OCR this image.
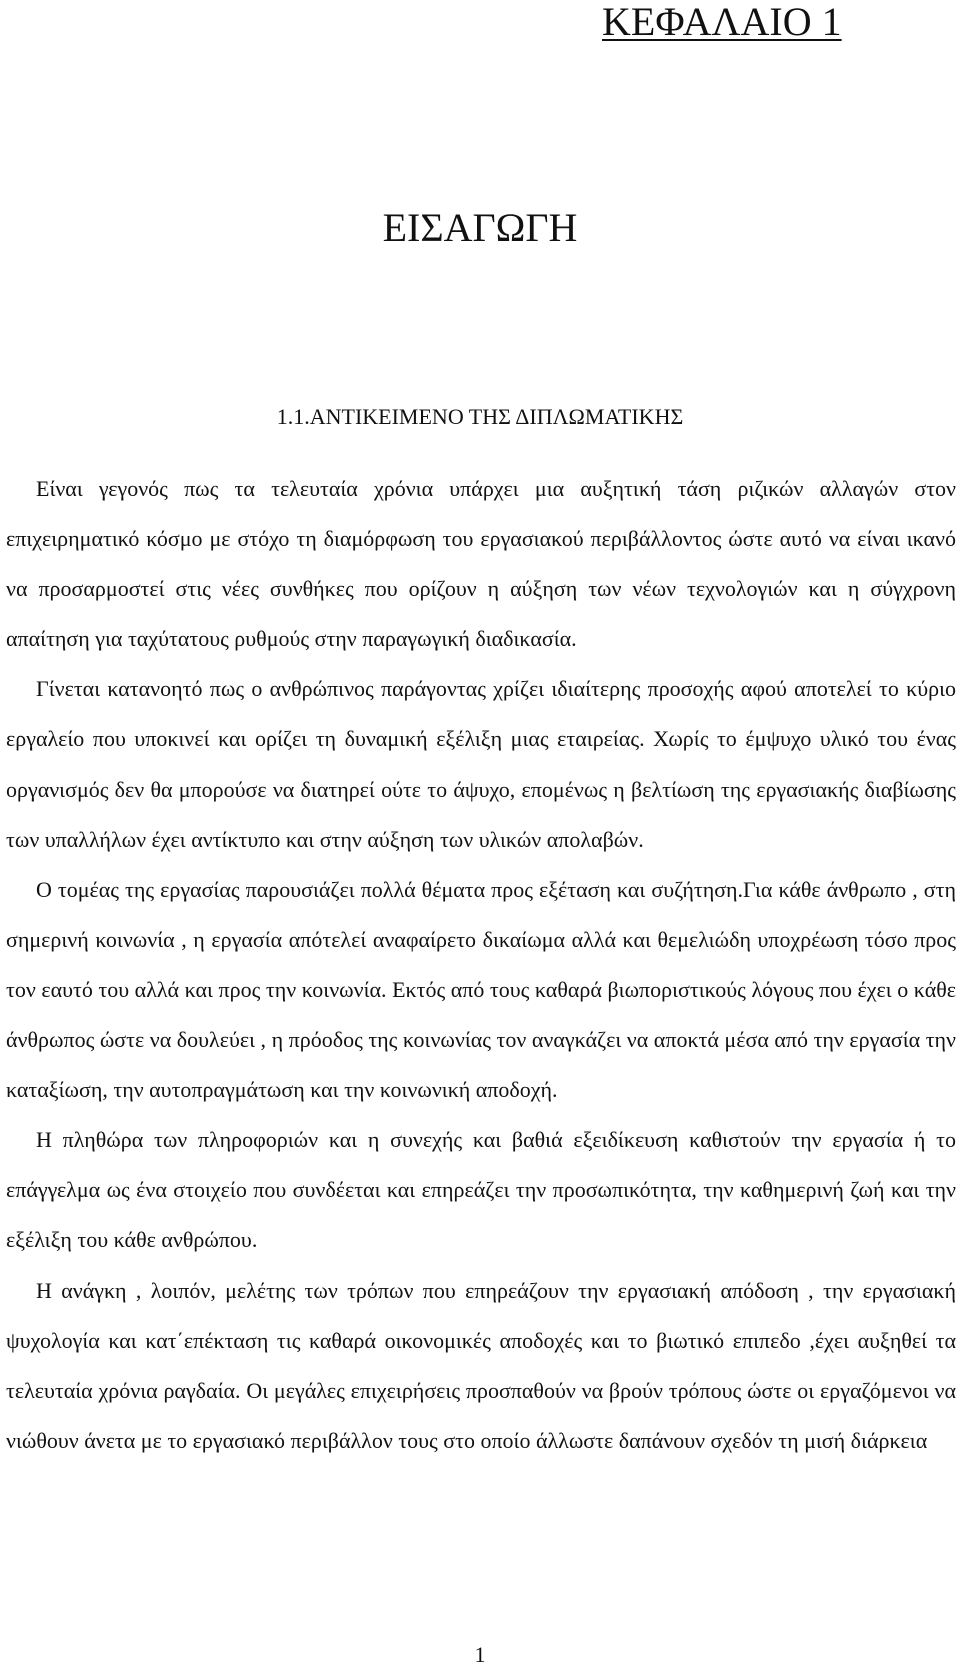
ΚΕΦΑΛΑΙΟ 1
ΕΙΣΑΓΩΓΗ
1.1.ΑΝΤΙΚΕΙΜΕΝΟ ΤΗΣ ΔΙΠΛΩΜΑΤΙΚΗΣ

Είναι γεγονός πως τα τελευταία χρόνια υπάρχει μια αυξητική τάση ριζικών αλλαγών στον επιχειρηματικό κόσμο με στόχο τη διαμόρφωση του εργασιακού περιβάλλοντος ώστε αυτό να είναι ικανό να προσαρμοστεί στις νέες συνθήκες που ορίζουν η αύξηση των νέων τεχνολογιών και η σύγχρονη απαίτηση για ταχύτατους ρυθμούς στην παραγωγική διαδικασία.

Γίνεται κατανοητό πως ο ανθρώπινος παράγοντας χρίζει ιδιαίτερης προσοχής αφού αποτελεί το κύριο εργαλείο που υποκινεί και ορίζει τη δυναμική εξέλιξη μιας εταιρείας. Χωρίς το έμψυχο υλικό του ένας οργανισμός δεν θα μπορούσε να διατηρεί ούτε το άψυχο, επομένως η βελτίωση της εργασιακής διαβίωσης των υπαλλήλων έχει αντίκτυπο και στην αύξηση των υλικών απολαβών.

Ο τομέας της εργασίας παρουσιάζει πολλά θέματα προς εξέταση και συζήτηση.Για κάθε άνθρωπο , στη σημερινή κοινωνία , η εργασία απότελεί αναφαίρετο δικαίωμα αλλά και θεμελιώδη υποχρέωση τόσο προς τον εαυτό του αλλά και προς την κοινωνία. Εκτός από τους καθαρά βιωποριστικούς λόγους που έχει ο κάθε άνθρωπος ώστε να δουλεύει , η πρόοδος της κοινωνίας τον αναγκάζει να αποκτά μέσα από την εργασία την καταξίωση, την αυτοπραγμάτωση και την κοινωνική αποδοχή.

Η πληθώρα των πληροφοριών και η συνεχής και βαθιά εξειδίκευση καθιστούν την εργασία ή το επάγγελμα ως ένα στοιχείο που συνδέεται και επηρεάζει την προσωπικότητα, την καθημερινή ζωή και την εξέλιξη του κάθε ανθρώπου.

Η ανάγκη , λοιπόν, μελέτης των τρόπων που επηρεάζουν την εργασιακή απόδοση , την εργασιακή ψυχολογία και κατ΄επέκταση τις καθαρά οικονομικές αποδοχές και το βιωτικό επιπεδο ,έχει αυξηθεί τα τελευταία χρόνια ραγδαία. Οι μεγάλες επιχειρήσεις προσπαθούν να βρούν τρόπους ώστε οι εργαζόμενοι να νιώθουν άνετα με το εργασιακό περιβάλλον τους στο οποίο άλλωστε δαπάνουν σχεδόν τη μισή διάρκεια

1
